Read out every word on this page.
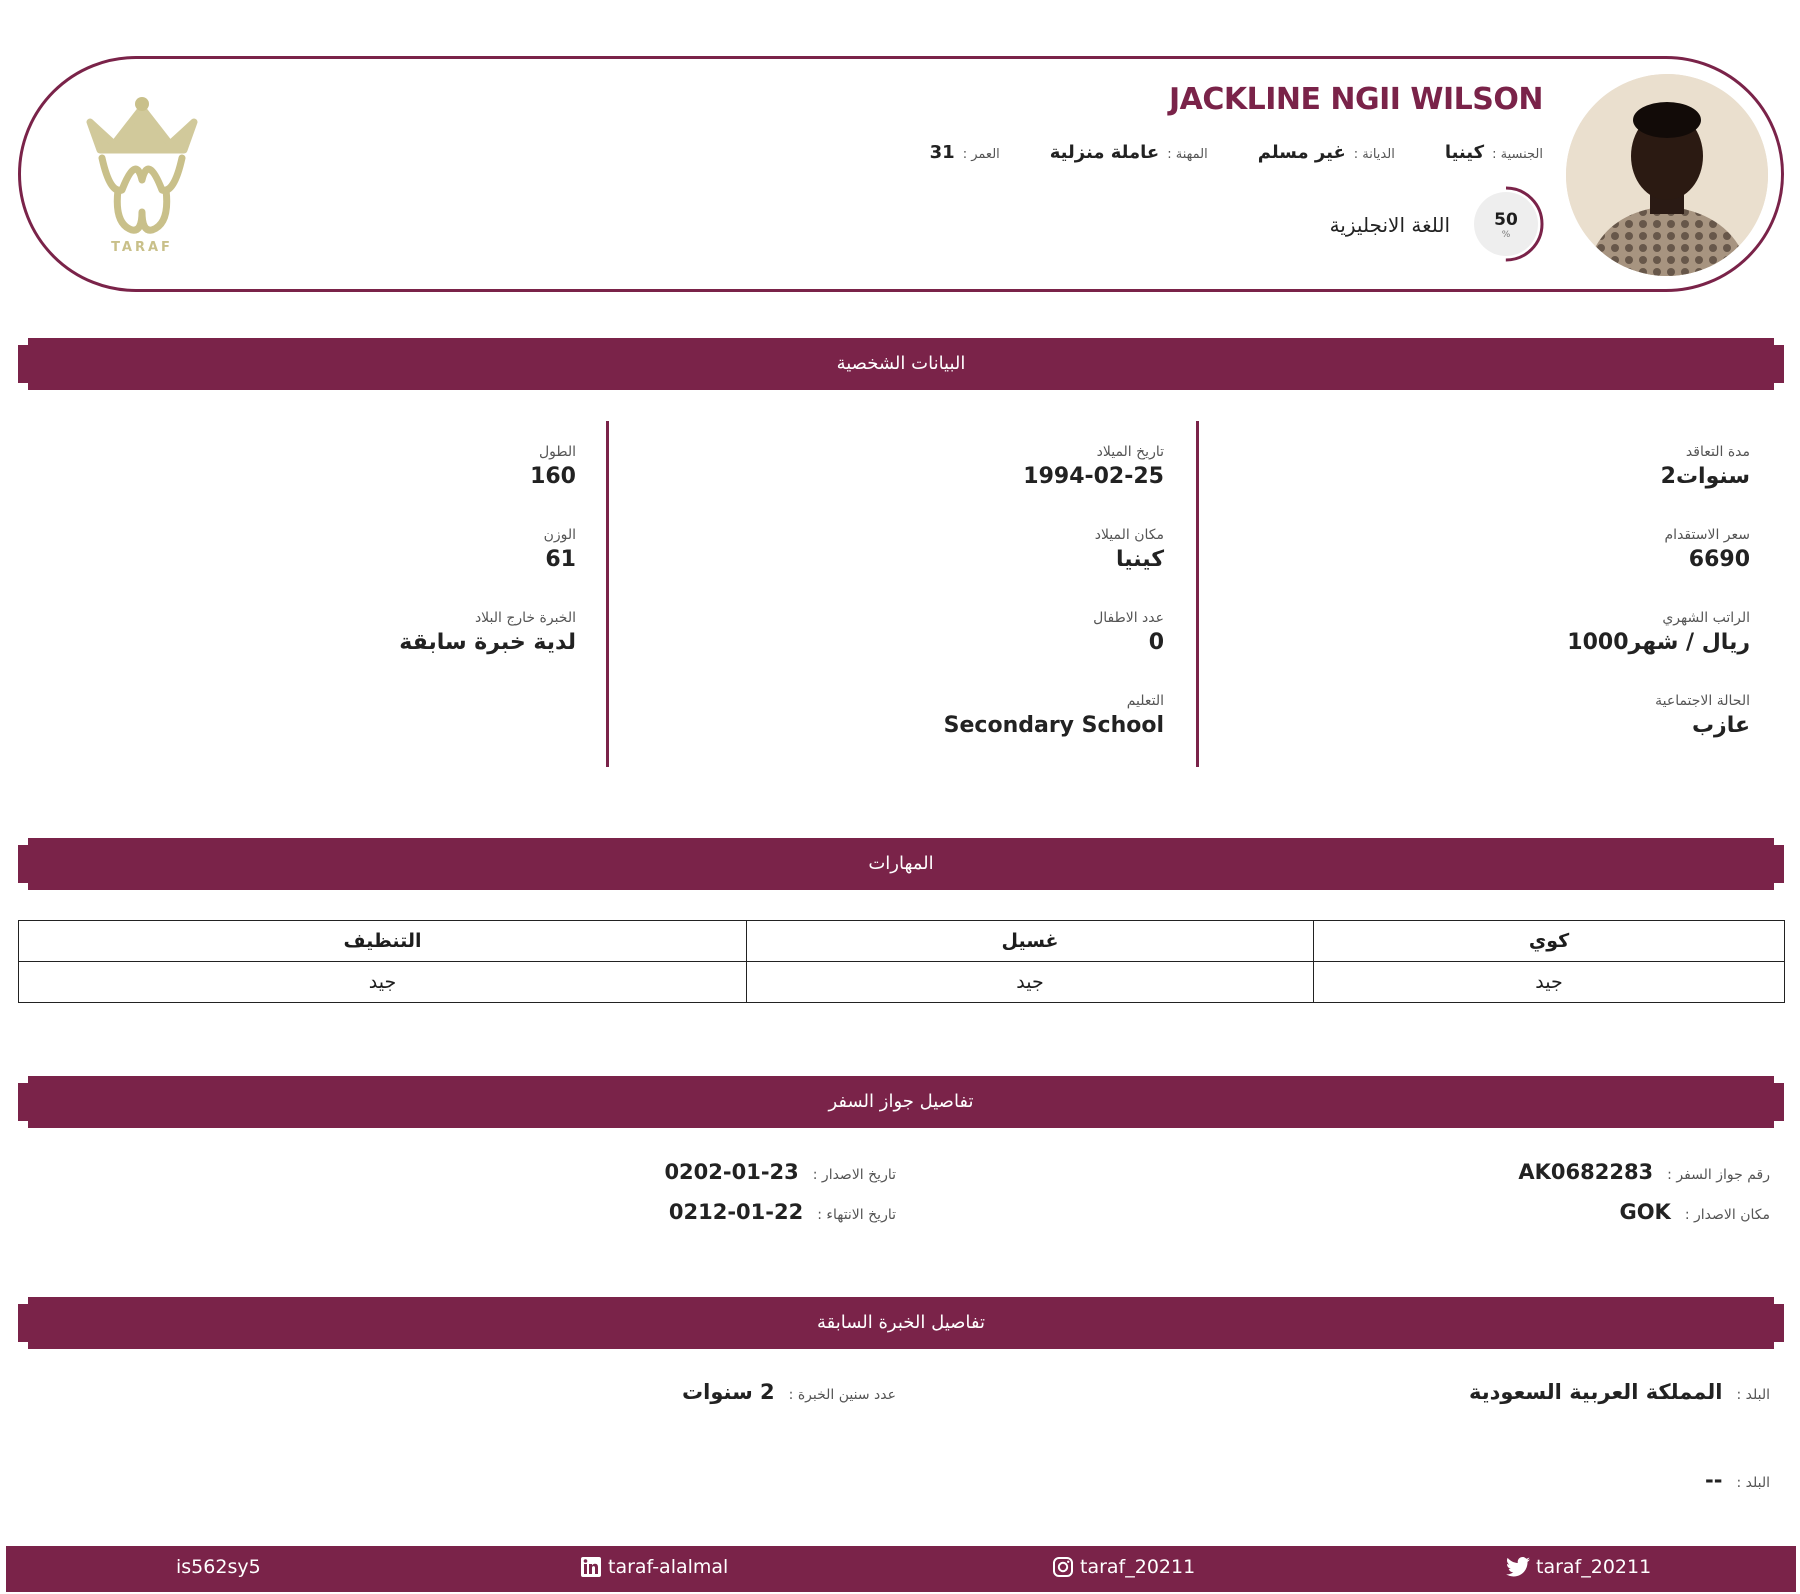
TARAF
JACKLINE NGII WILSON
الجنسية :
كينيا
الديانة :
غير مسلم
المهنة :
عاملة منزلية
العمر :
31
50
%
اللغة الانجليزية
البيانات الشخصية
مدة التعاقد
2سنوات
سعر الاستقدام
6690
الراتب الشهري
1000ريال / شهر
الحالة الاجتماعية
عازب
تاريخ الميلاد
1994-02-25
مكان الميلاد
كينيا
عدد الاطفال
0
التعليم
Secondary School
الطول
160
الوزن
61
الخبرة خارج البلاد
لدية خبرة سابقة
المهارات
كوي	غسيل	التنظيف
جيد	جيد	جيد
تفاصيل جواز السفر
رقم جواز السفر :
AK0682283
مكان الاصدار :
GOK
تاريخ الاصدار :
0202-01-23
تاريخ الانتهاء :
0212-01-22
تفاصيل الخبرة السابقة
البلد :
المملكة العربية السعودية
عدد سنين الخبرة :
2 سنوات
البلد :
--
taraf_20211
taraf_20211
taraf-alalmal
is562sy5
